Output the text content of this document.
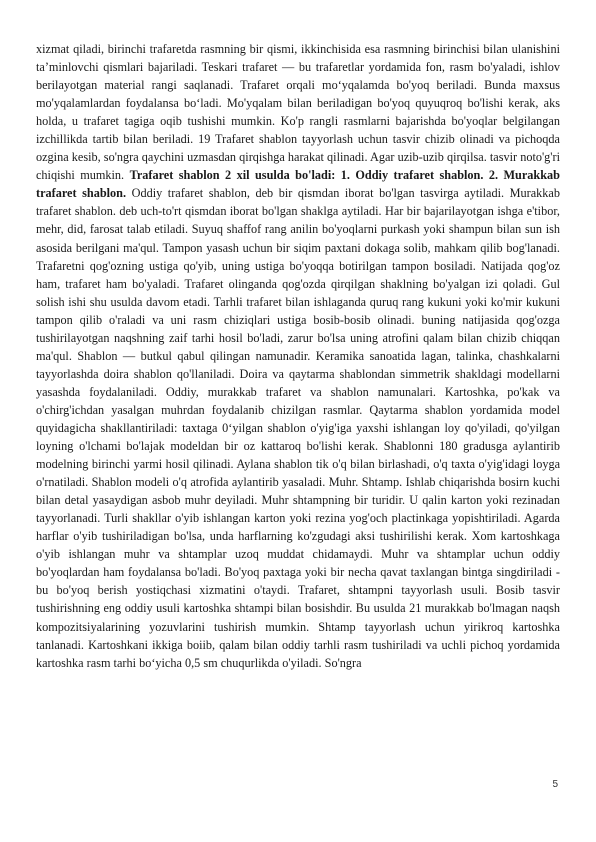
xizmat qiladi, birinchi trafaretda rasmning bir qismi, ikkinchisida esa rasmning birinchisi bilan ulanishini ta’minlovchi qismlari bajariladi. Teskari trafaret — bu trafaretlar yordamida fon, rasm bo'yaladi, ishlov berilayotgan material rangi saqlanadi. Trafaret orqali mo‘yqalamda bo'yoq beriladi. Bunda maxsus mo'yqalamlardan foydalansa bo‘ladi. Mo'yqalam bilan beriladigan bo'yoq quyuqroq bo'lishi kerak, aks holda, u trafaret tagiga oqib tushishi mumkin. Ko'p rangli rasmlarni bajarishda bo'yoqlar belgilangan izchillikda tartib bilan beriladi. 19 Trafaret shablon tayyorlash uchun tasvir chizib olinadi va pichoqda ozgina kesib, so'ngra qaychini uzmasdan qirqishga harakat qilinadi. Agar uzib-uzib qirqilsa. tasvir noto'g'ri chiqishi mumkin. Trafaret shablon 2 xil usulda bo'ladi: 1. Oddiy trafaret shablon. 2. Murakkab trafaret shablon. Oddiy trafaret shablon, deb bir qismdan iborat bo'lgan tasvirga aytiladi. Murakkab trafaret shablon. deb uch-to'rt qismdan iborat bo'lgan shaklga aytiladi. Har bir bajarilayotgan ishga e'tibor, mehr, did, farosat talab etiladi. Suyuq shaffof rang anilin bo'yoqlarni purkash yoki shampun bilan sun ish asosida berilgani ma'qul. Tampon yasash uchun bir siqim paxtani dokaga solib, mahkam qilib bog'lanadi. Trafaretni qog'ozning ustiga qo'yib, uning ustiga bo'yoqqa botirilgan tampon bosiladi. Natijada qog'oz ham, trafaret ham bo'yaladi. Trafaret olinganda qog'ozda qirqilgan shaklning bo'yalgan izi qoladi. Gul solish ishi shu usulda davom etadi. Tarhli trafaret bilan ishlaganda quruq rang kukuni yoki ko'mir kukuni tampon qilib o'raladi va uni rasm chiziqlari ustiga bosib-bosib olinadi. buning natijasida qog'ozga tushirilayotgan naqshning zaif tarhi hosil bo'ladi, zarur bo'lsa uning atrofini qalam bilan chizib chiqqan ma'qul. Shablon — butkul qabul qilingan namunadir. Keramika sanoatida lagan, talinka, chashkalarni tayyorlashda doira shablon qo'llaniladi. Doira va qaytarma shablondan simmetrik shakldagi modellarni yasashda foydalaniladi. Oddiy, murakkab trafaret va shablon namunalari. Kartoshka, po'kak va o'chirg'ichdan yasalgan muhrdan foydalanib chizilgan rasmlar. Qaytarma shablon yordamida model quyidagicha shakllantiriladi: taxtaga 0‘yilgan shablon o'yig'iga yaxshi ishlangan loy qo'yiladi, qo'yilgan loyning o'lchami bo'lajak modeldan bir oz kattaroq bo'lishi kerak. Shablonni 180 gradusga aylantirib modelning birinchi yarmi hosil qilinadi. Aylana shablon tik o'q bilan birlashadi, o'q taxta o'yig'idagi loyga o'rnatiladi. Shablon modeli o'q atrofida aylantirib yasaladi. Muhr. Shtamp. Ishlab chiqarishda bosirn kuchi bilan detal yasaydigan asbob muhr deyiladi. Muhr shtampning bir turidir. U qalin karton yoki rezinadan tayyorlanadi. Turli shakllar o'yib ishlangan karton yoki rezina yog'och plactinkaga yopishtiriladi. Agarda harflar o'yib tushiriladigan bo'lsa, unda harflarning ko'zgudagi aksi tushirilishi kerak. Xom kartoshkaga o'yib ishlangan muhr va shtamplar uzoq muddat chidamaydi. Muhr va shtamplar uchun oddiy bo'yoqlardan ham foydalansa bo'ladi. Bo'yoq paxtaga yoki bir necha qavat taxlangan bintga singdiriladi - bu bo'yoq berish yostiqchasi xizmatini o'taydi. Trafaret, shtampni tayyorlash usuli. Bosib tasvir tushirishning eng oddiy usuli kartoshka shtampi bilan bosishdir. Bu usulda 21 murakkab bo'lmagan naqsh kompozitsiyalarining yozuvlarini tushirish mumkin. Shtamp tayyorlash uchun yirikroq kartoshka tanlanadi. Kartoshkani ikkiga boiib, qalam bilan oddiy tarhli rasm tushiriladi va uchli pichoq yordamida kartoshka rasm tarhi bo‘yicha 0,5 sm chuqurlikda o'yiladi. So'ngra

5
